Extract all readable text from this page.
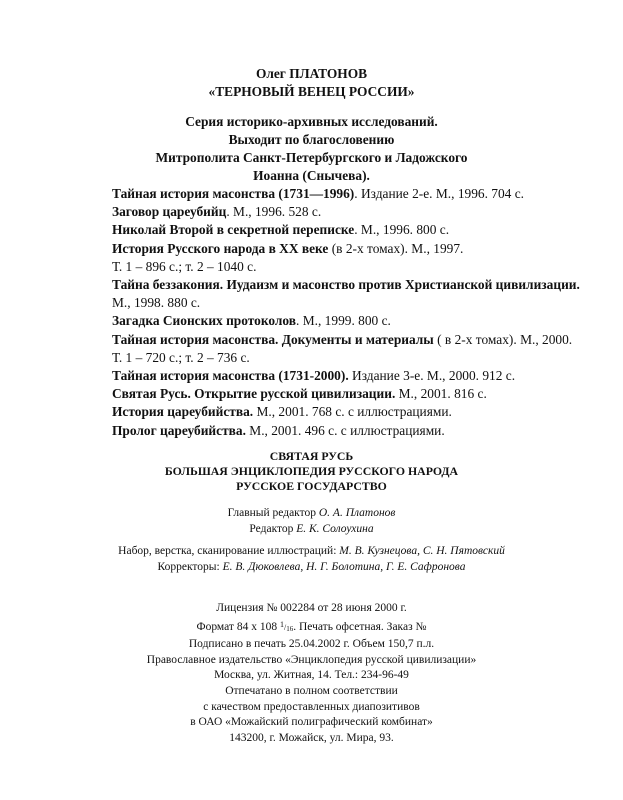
Олег ПЛАТОНОВ
«ТЕРНОВЫЙ ВЕНЕЦ РОССИИ»
Серия историко-архивных исследований.
Выходит по благословению
Митрополита Санкт-Петербургского и Ладожского
Иоанна (Снычева).
Тайная история масонства (1731—1996). Издание 2-е. М., 1996. 704 с.
Заговор цареубийц. М., 1996. 528 с.
Николай Второй в секретной переписке. М., 1996. 800 с.
История Русского народа в XX веке (в 2-х томах). М., 1997.
Т. 1 – 896 с.; т. 2 – 1040 с.
Тайна беззакония. Иудаизм и масонство против Христианской цивилизации.
М., 1998. 880 с.
Загадка Сионских протоколов. М., 1999. 800 с.
Тайная история масонства. Документы и материалы ( в 2-х томах). М., 2000.
Т. 1 – 720 с.; т. 2 – 736 с.
Тайная история масонства (1731-2000). Издание 3-е. М., 2000. 912 с.
Святая Русь. Открытие русской цивилизации. М., 2001. 816 с.
История цареубийства. М., 2001. 768 с. с иллюстрациями.
Пролог цареубийства. М., 2001. 496 с. с иллюстрациями.
СВЯТАЯ РУСЬ
БОЛЬШАЯ ЭНЦИКЛОПЕДИЯ РУССКОГО НАРОДА
РУССКОЕ ГОСУДАРСТВО
Главный редактор О. А. Платонов
Редактор Е. К. Солоухина
Набор, верстка, сканирование иллюстраций: М. В. Кузнецова, С. Н. Пятовский
Корректоры: Е. В. Дюковлева, Н. Г. Болотина, Г. Е. Сафронова
Лицензия № 002284 от 28 июня 2000 г.
Формат 84 х 108 $^1/_{16}$. Печать офсетная. Заказ №
Подписано в печать 25.04.2002 г. Объем 150,7 п.л.
Православное издательство «Энциклопедия русской цивилизации»
Москва, ул. Житная, 14. Тел.: 234-96-49
Отпечатано в полном соответствии
с качеством предоставленных диапозитивов
в ОАО «Можайский полиграфический комбинат»
143200, г. Можайск, ул. Мира, 93.
